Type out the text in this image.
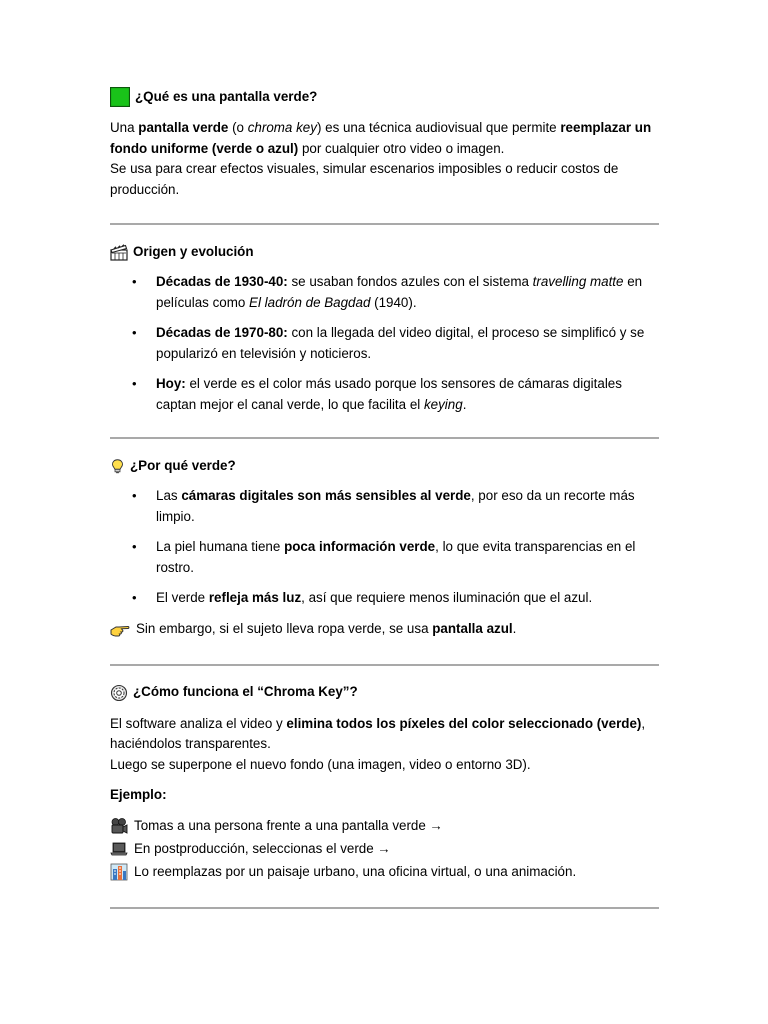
¿Qué es una pantalla verde?

Una pantalla verde (o chroma key) es una técnica audiovisual que permite reemplazar un fondo uniforme (verde o azul) por cualquier otro video o imagen.

Se usa para crear efectos visuales, simular escenarios imposibles o reducir costos de producción.

Origen y evolución
• Décadas de 1930-40: se usaban fondos azules con el sistema travelling matte en películas como El ladrón de Bagdad (1940).
• Décadas de 1970-80: con la llegada del video digital, el proceso se simplificó y se popularizó en televisión y noticieros.
• Hoy: el verde es el color más usado porque los sensores de cámaras digitales captan mejor el canal verde, lo que facilita el keying.
¿Por qué verde?
• Las cámaras digitales son más sensibles al verde, por eso da un recorte más limpio.
• La piel humana tiene poca información verde, lo que evita transparencias en el rostro.
• El verde refleja más luz, así que requiere menos iluminación que el azul.
Sin embargo, si el sujeto lleva ropa verde, se usa pantalla azul.
¿Cómo funciona el “Chroma Key”?

El software analiza el video y elimina todos los píxeles del color seleccionado (verde), haciéndolos transparentes.

Luego se superpone el nuevo fondo (una imagen, video o entorno 3D).

Ejemplo:

Tomas a una persona frente a una pantalla verde →
En postproducción, seleccionas el verde →
Lo reemplazas por un paisaje urbano, una oficina virtual, o una animación.
